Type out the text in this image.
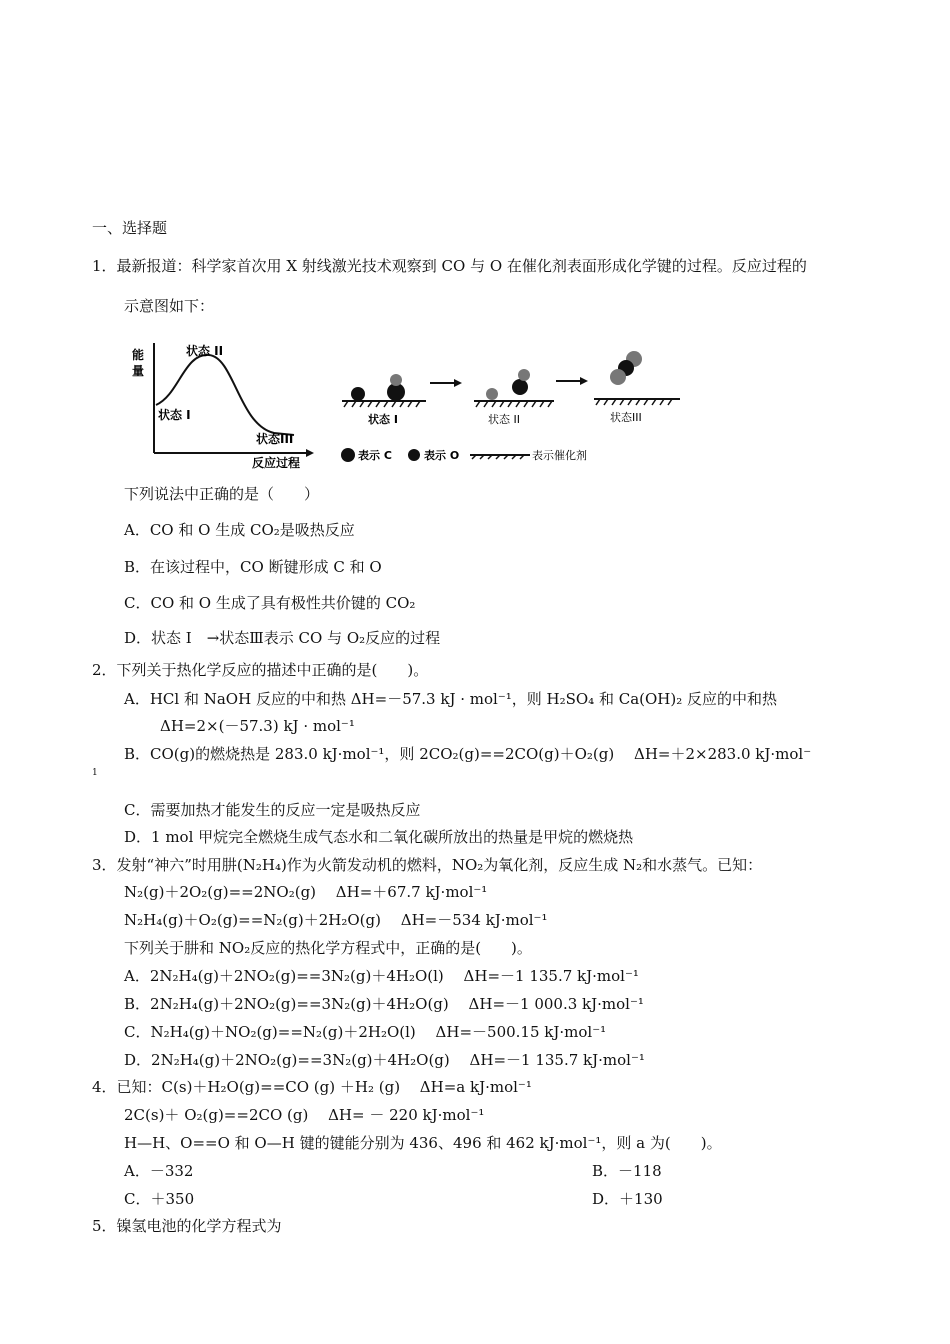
一、选择题
1．最新报道：科学家首次用 X 射线激光技术观察到 CO 与 O 在催化剂表面形成化学键的过程。反应过程的
示意图如下：
能
量
反应过程
状态 I
状态 II
状态III
状态 I	状态 II
表示 C	表示 O	表示催化剂
状态III
下列说法中正确的是（　　）
A．CO 和 O 生成 CO₂是吸热反应
B．在该过程中，CO 断键形成 C 和 O
C．CO 和 O 生成了具有极性共价键的 CO₂
D．状态 Ⅰ　→状态Ⅲ表示 CO 与 O₂反应的过程
2．下列关于热化学反应的描述中正确的是(　　)。
A．HCl 和 NaOH 反应的中和热 ΔH=－57.3 kJ · mol⁻¹，则 H₂SO₄ 和 Ca(OH)₂ 反应的中和热
ΔH=2×(－57.3) kJ · mol⁻¹
B．CO(g)的燃烧热是 283.0 kJ·mol⁻¹，则 2CO₂(g)==2CO(g)＋O₂(g)　 ΔH=＋2×283.0 kJ·mol⁻
1
C．需要加热才能发生的反应一定是吸热反应
D．1 mol 甲烷完全燃烧生成气态水和二氧化碳所放出的热量是甲烷的燃烧热
3．发射“神六”时用肼(N₂H₄)作为火箭发动机的燃料，NO₂为氧化剂，反应生成 N₂和水蒸气。已知：
N₂(g)＋2O₂(g)==2NO₂(g)　 ΔH=＋67.7 kJ·mol⁻¹
N₂H₄(g)＋O₂(g)==N₂(g)＋2H₂O(g)　 ΔH=－534 kJ·mol⁻¹
下列关于肼和 NO₂反应的热化学方程式中，正确的是(　　)。
A．2N₂H₄(g)＋2NO₂(g)==3N₂(g)＋4H₂O(l)　 ΔH=－1 135.7 kJ·mol⁻¹
B．2N₂H₄(g)＋2NO₂(g)==3N₂(g)＋4H₂O(g)　 ΔH=－1 000.3 kJ·mol⁻¹
C．N₂H₄(g)＋NO₂(g)==N₂(g)＋2H₂O(l)　 ΔH=－500.15 kJ·mol⁻¹
D．2N₂H₄(g)＋2NO₂(g)==3N₂(g)＋4H₂O(g)　 ΔH=－1 135.7 kJ·mol⁻¹
4．已知：C(s)＋H₂O(g)==CO (g) ＋H₂ (g)　 ΔH=a kJ·mol⁻¹
2C(s)＋ O₂(g)==2CO (g)　 ΔH= － 220 kJ·mol⁻¹
H—H、O==O 和 O—H 键的键能分别为 436、496 和 462 kJ·mol⁻¹，则 a 为(　　)。
A．－332	B．－118
C．＋350	D．＋130
5．镍氢电池的化学方程式为
